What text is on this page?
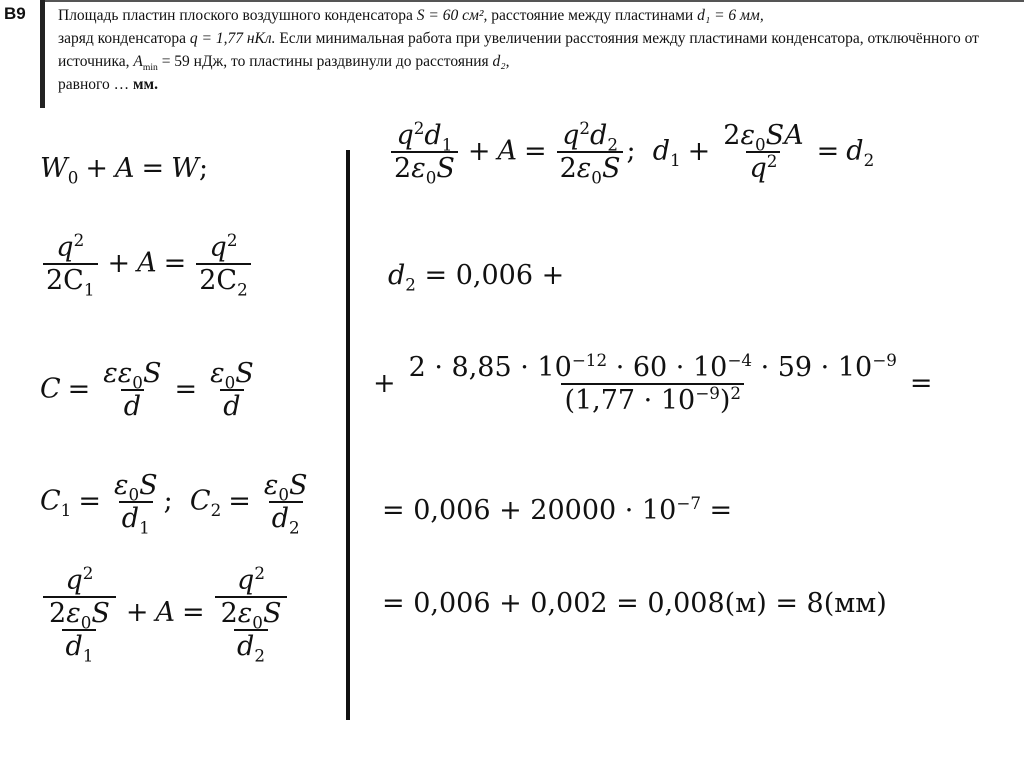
B9 Площадь пластин плоского воздушного конденсатора S = 60 см², расстояние между пластинами d₁ = 6 мм,
заряд конденсатора q = 1,77 нКл. Если минимальная работа при увеличении расстояния между пластинами конденсатора, отключённого от источника, $A_{min} = 59$ нДж, то пластины раздвинули до расстояния d₂,
равного … мм.
$W_0 + A = W$;
$\frac{q^2}{2C_1} + A = \frac{q^2}{2C_2}$
$C = \frac{\varepsilon\varepsilon_0S}{d} = \frac{\varepsilon_0S}{d}$
$C_1 = \frac{\varepsilon_0S}{d_1}$ ; $C_2 = \frac{\varepsilon_0S}{d_2}$
$\frac{q^2}{\frac{2\varepsilon_0S}{d_1}} + A = \frac{q^2}{\frac{2\varepsilon_0S}{d_2}}$
$\frac{q^2d_1}{2\varepsilon_0S} + A = \frac{q^2d_2}{2\varepsilon_0S}$ ; $d_1 + \frac{2\varepsilon_0SA}{q^2} = d_2$
$d_2 = 0,006$ +
+ $\frac{2 \cdot 8,85 \cdot 10^{-12} \cdot 60 \cdot 10^{-4} \cdot 59 \cdot 10^{-9}}{(1,77 \cdot 10^{-9})^2}$ =
= $0,006 + 20000 \cdot 10^{-7}$ =
= 0,006 + 0,002 = 0,008(м) = 8(мм)
